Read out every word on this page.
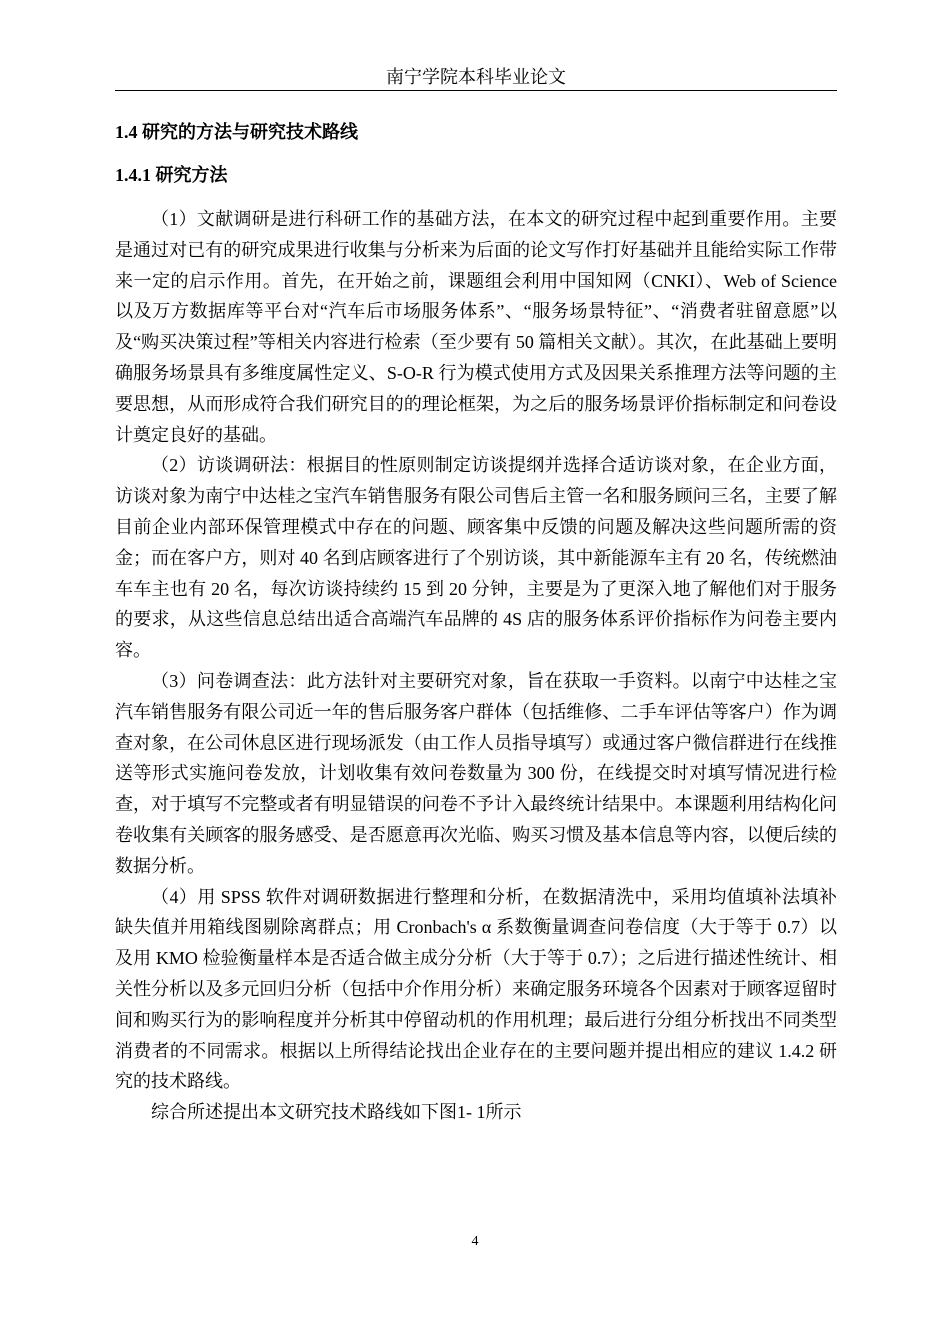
南宁学院本科毕业论文
1.4 研究的方法与研究技术路线
1.4.1 研究方法

（1）文献调研是进行科研工作的基础方法，在本文的研究过程中起到重要作用。主要是通过对已有的研究成果进行收集与分析来为后面的论文写作打好基础并且能给实际工作带来一定的启示作用。首先，在开始之前，课题组会利用中国知网（CNKI）、Web of Science 以及万方数据库等平台对“汽车后市场服务体系”、“服务场景特征”、“消费者驻留意愿”以及“购买决策过程”等相关内容进行检索（至少要有 50 篇相关文献）。其次，在此基础上要明确服务场景具有多维度属性定义、S-O-R 行为模式使用方式及因果关系推理方法等问题的主要思想，从而形成符合我们研究目的的理论框架，为之后的服务场景评价指标制定和问卷设计奠定良好的基础。

（2）访谈调研法：根据目的性原则制定访谈提纲并选择合适访谈对象，在企业方面，访谈对象为南宁中达桂之宝汽车销售服务有限公司售后主管一名和服务顾问三名，主要了解目前企业内部环保管理模式中存在的问题、顾客集中反馈的问题及解决这些问题所需的资金；而在客户方，则对 40 名到店顾客进行了个别访谈，其中新能源车主有 20 名，传统燃油车车主也有 20 名，每次访谈持续约 15 到 20 分钟，主要是为了更深入地了解他们对于服务的要求，从这些信息总结出适合高端汽车品牌的 4S 店的服务体系评价指标作为问卷主要内容。

（3）问卷调查法：此方法针对主要研究对象，旨在获取一手资料。以南宁中达桂之宝汽车销售服务有限公司近一年的售后服务客户群体（包括维修、二手车评估等客户）作为调查对象，在公司休息区进行现场派发（由工作人员指导填写）或通过客户微信群进行在线推送等形式实施问卷发放，计划收集有效问卷数量为 300 份，在线提交时对填写情况进行检查，对于填写不完整或者有明显错误的问卷不予计入最终统计结果中。本课题利用结构化问卷收集有关顾客的服务感受、是否愿意再次光临、购买习惯及基本信息等内容，以便后续的数据分析。

（4）用 SPSS 软件对调研数据进行整理和分析，在数据清洗中，采用均值填补法填补缺失值并用箱线图剔除离群点；用 Cronbach's α 系数衡量调查问卷信度（大于等于 0.7）以及用 KMO 检验衡量样本是否适合做主成分分析（大于等于 0.7）；之后进行描述性统计、相关性分析以及多元回归分析（包括中介作用分析）来确定服务环境各个因素对于顾客逗留时间和购买行为的影响程度并分析其中停留动机的作用机理；最后进行分组分析找出不同类型消费者的不同需求。根据以上所得结论找出企业存在的主要问题并提出相应的建议 1.4.2 研究的技术路线。

综合所述提出本文研究技术路线如下图1- 1所示

4
